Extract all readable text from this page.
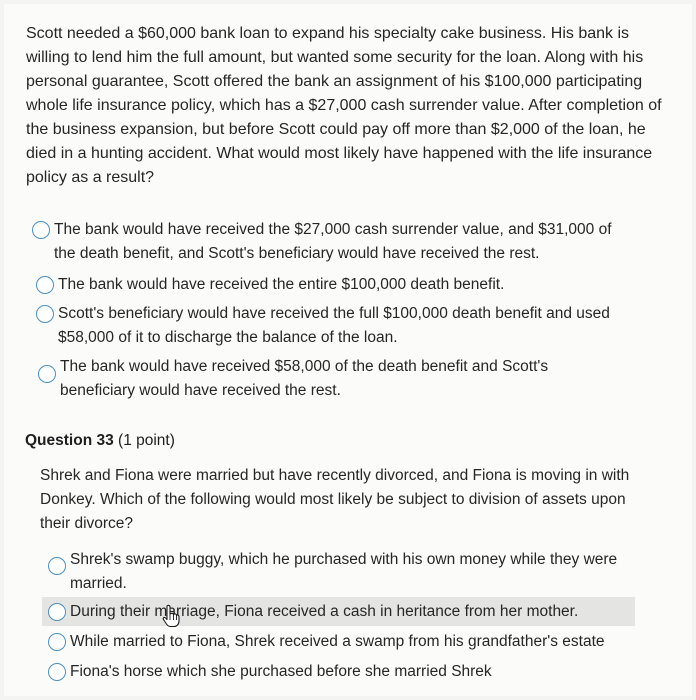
Scott needed a $60,000 bank loan to expand his specialty cake business. His bank is willing to lend him the full amount, but wanted some security for the loan. Along with his personal guarantee, Scott offered the bank an assignment of his $100,000 participating whole life insurance policy, which has a $27,000 cash surrender value. After completion of the business expansion, but before Scott could pay off more than $2,000 of the loan, he died in a hunting accident. What would most likely have happened with the life insurance policy as a result?
The bank would have received the $27,000 cash surrender value, and $31,000 of the death benefit, and Scott's beneficiary would have received the rest.
The bank would have received the entire $100,000 death benefit.
Scott's beneficiary would have received the full $100,000 death benefit and used $58,000 of it to discharge the balance of the loan.
The bank would have received $58,000 of the death benefit and Scott's beneficiary would have received the rest.
Question 33 (1 point)
Shrek and Fiona were married but have recently divorced, and Fiona is moving in with Donkey. Which of the following would most likely be subject to division of assets upon their divorce?
Shrek's swamp buggy, which he purchased with his own money while they were married.
During their marriage, Fiona received a cash in heritance from her mother.
While married to Fiona, Shrek received a swamp from his grandfather's estate
Fiona's horse which she purchased before she married Shrek
